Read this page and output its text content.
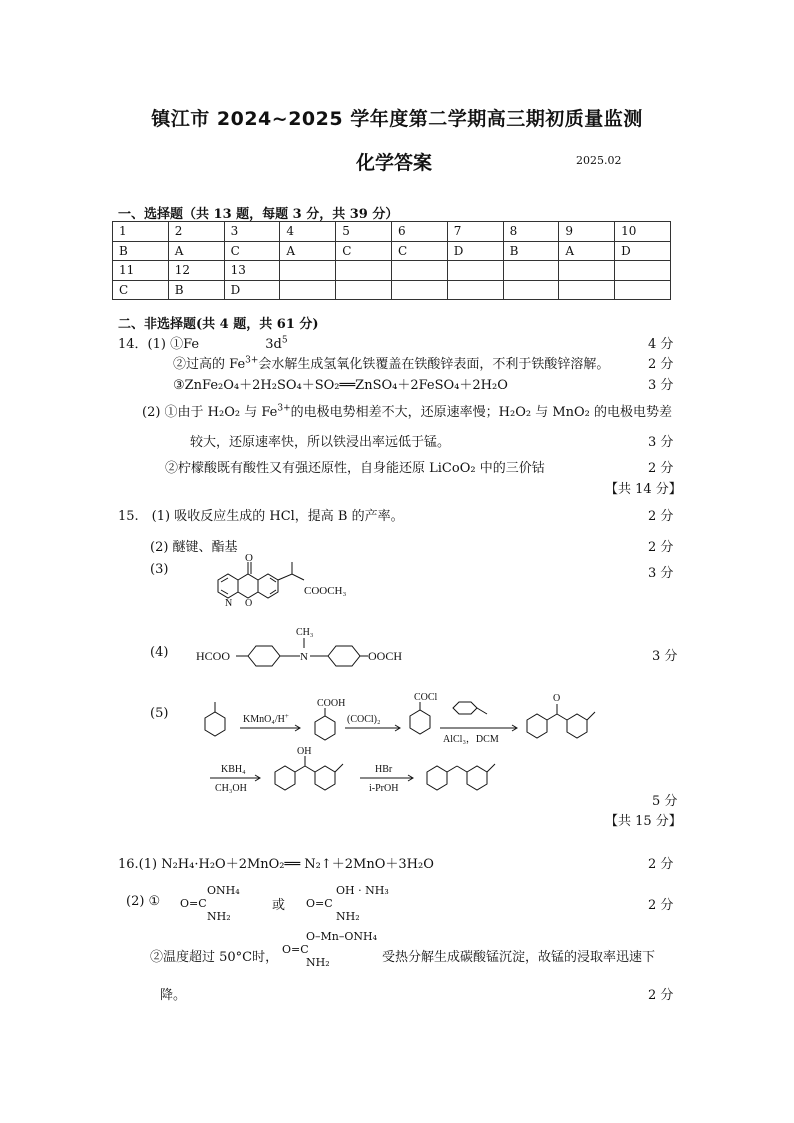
镇江市 2024~2025 学年度第二学期高三期初质量监测
化学答案	2025.02
一、选择题（共 13 题，每题 3 分，共 39 分）
1	2	3	4	5	6	7	8	9	10
B	A	C	A	C	C	D	B	A	D
11	12	13							
C	B	D							
二、非选择题(共 4 题，共 61 分)
14．(1) ①Fe	$3d^5$	4 分
②过高的 $Fe^{3+}$会水解生成氢氧化铁覆盖在铁酸锌表面，不利于铁酸锌溶解。	2 分
③ZnFe₂O₄＋2H₂SO₄＋SO₂══ZnSO₄＋2FeSO₄＋2H₂O	3 分
(2) ①由于 H₂O₂ 与 $Fe^{3+}$的电极电势相差不大，还原速率慢；H₂O₂ 与 MnO₂ 的电极电势差
较大，还原速率快，所以铁浸出率远低于锰。	3 分
②柠檬酸既有酸性又有强还原性，自身能还原 LiCoO₂ 中的三价钴	2 分
【共 14 分】
15.　(1) 吸收反应生成的 HCl，提高 B 的产率。	2 分
(2) 醚键、酯基	2 分
(3)	3 分
O
O
N
COOCH₃
(4)	3 分
HCOO	N
CH₃
OOCH
(5)	KMnO₄/H+
COOH
(COCl)₂
COCl
AlCl₃，DCM
O
KBH₄
CH₃OH
OH
HBr
i-PrOH
5 分
【共 15 分】
16.(1) N₂H₄·H₂O＋2MnO₂══ N₂↑＋2MnO＋3H₂O	2 分
(2) ①
ONH₄
O=C
NH₂
或
OH · NH₃
O=C
NH₂
2 分
②温度超过 50°C时，
O–Mn–ONH₄
O=C
NH₂	受热分解生成碳酸锰沉淀，故锰的浸取率迅速下
降。	2 分
